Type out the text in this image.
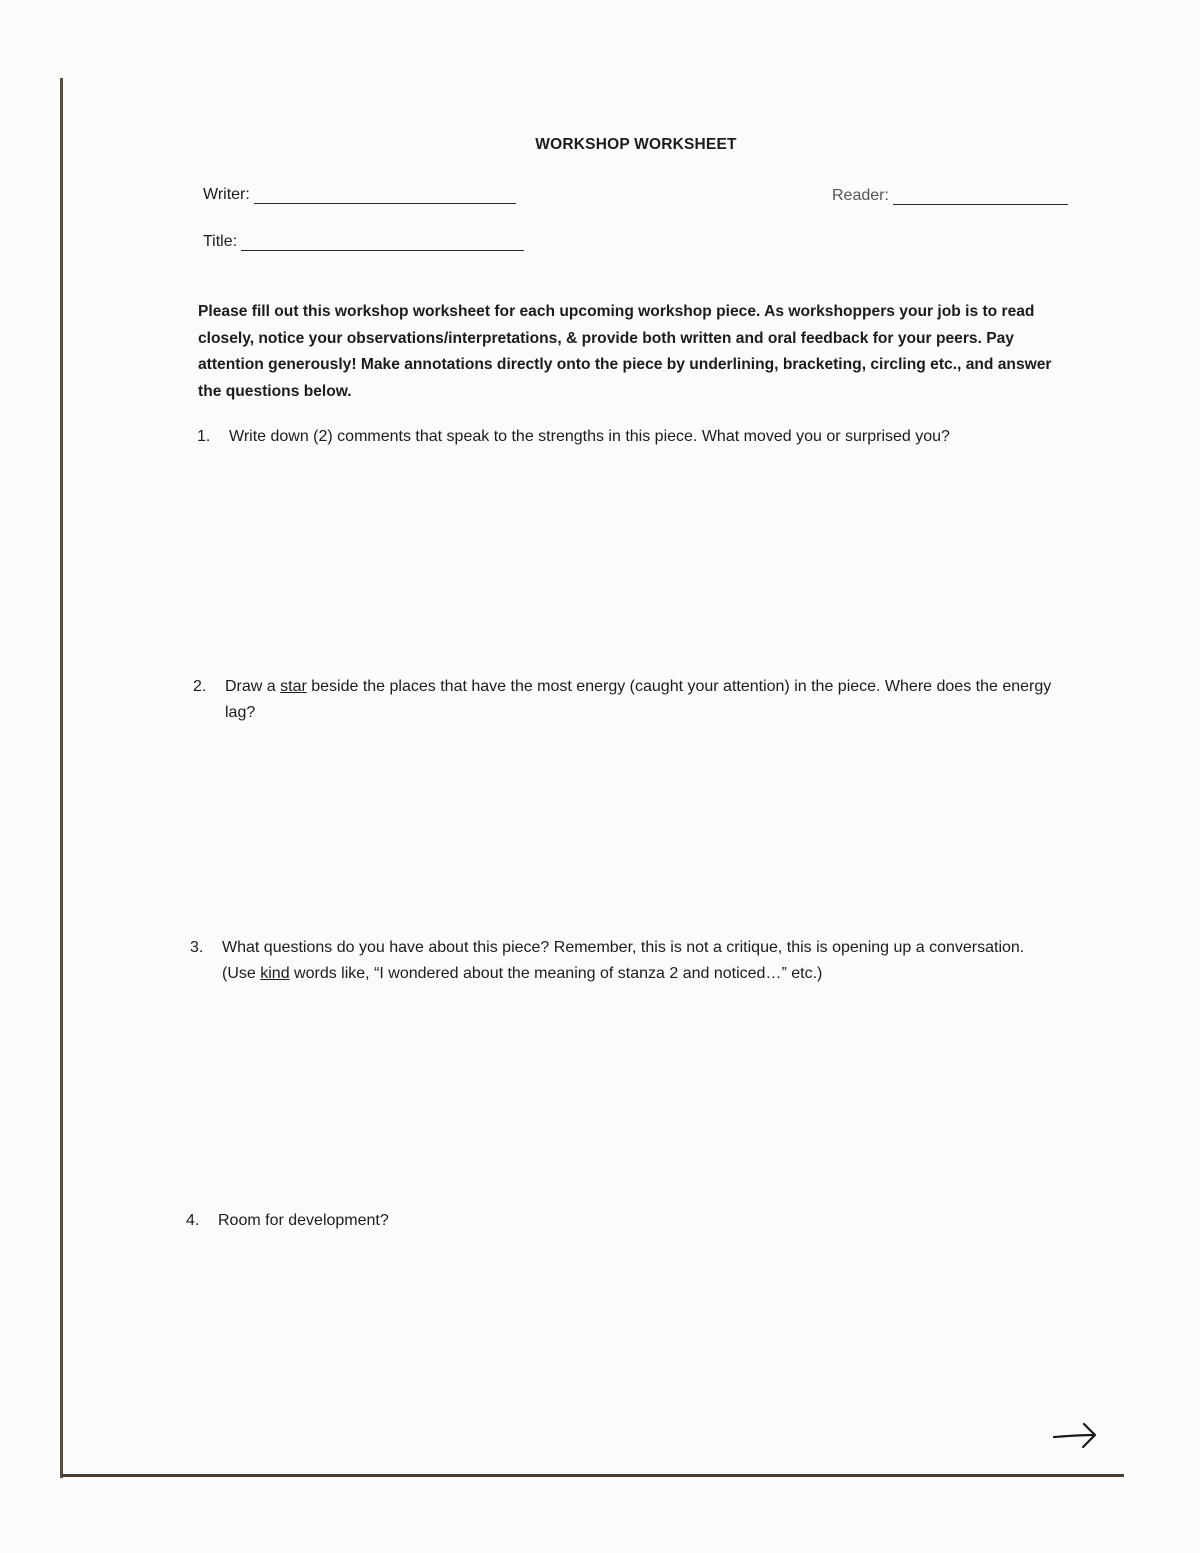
WORKSHOP WORKSHEET
Writer:	Reader:
Title:
Please fill out this workshop worksheet for each upcoming workshop piece. As workshoppers your job is to read closely, notice your observations/interpretations, & provide both written and oral feedback for your peers. Pay attention generously! Make annotations directly onto the piece by underlining, bracketing, circling etc., and answer the questions below.
1.	Write down (2) comments that speak to the strengths in this piece. What moved you or surprised you?
2.	Draw a star beside the places that have the most energy (caught your attention) in the piece. Where does the energy lag?
3.	What questions do you have about this piece? Remember, this is not a critique, this is opening up a conversation. (Use kind words like, “I wondered about the meaning of stanza 2 and noticed…” etc.)
4.	Room for development?
